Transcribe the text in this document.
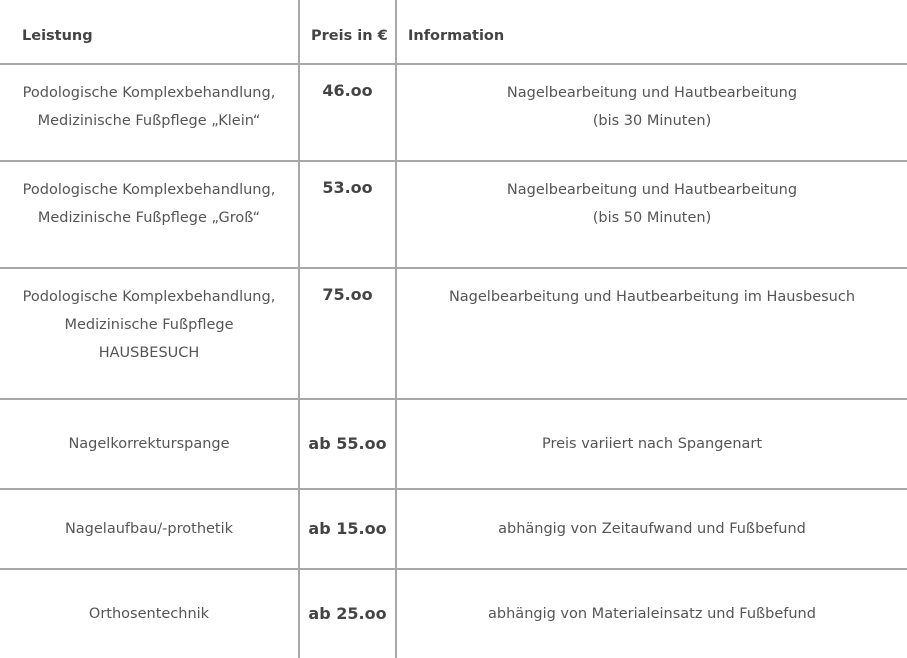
Leistung	Preis in €	Information

Podologische Komplexbehandlung,
Medizinische Fußpflege „Klein“	46.oo	Nagelbearbeitung und Hautbearbeitung
(bis 30 Minuten)

Podologische Komplexbehandlung,
Medizinische Fußpflege „Groß“	53.oo	Nagelbearbeitung und Hautbearbeitung
(bis 50 Minuten)

Podologische Komplexbehandlung,
Medizinische Fußpflege
HAUSBESUCH	75.oo	Nagelbearbeitung und Hautbearbeitung im Hausbesuch

Nagelkorrekturspange	ab 55.oo	Preis variiert nach Spangenart

Nagelaufbau/-prothetik	ab 15.oo	abhängig von Zeitaufwand und Fußbefund

Orthosentechnik	ab 25.oo	abhängig von Materialeinsatz und Fußbefund
